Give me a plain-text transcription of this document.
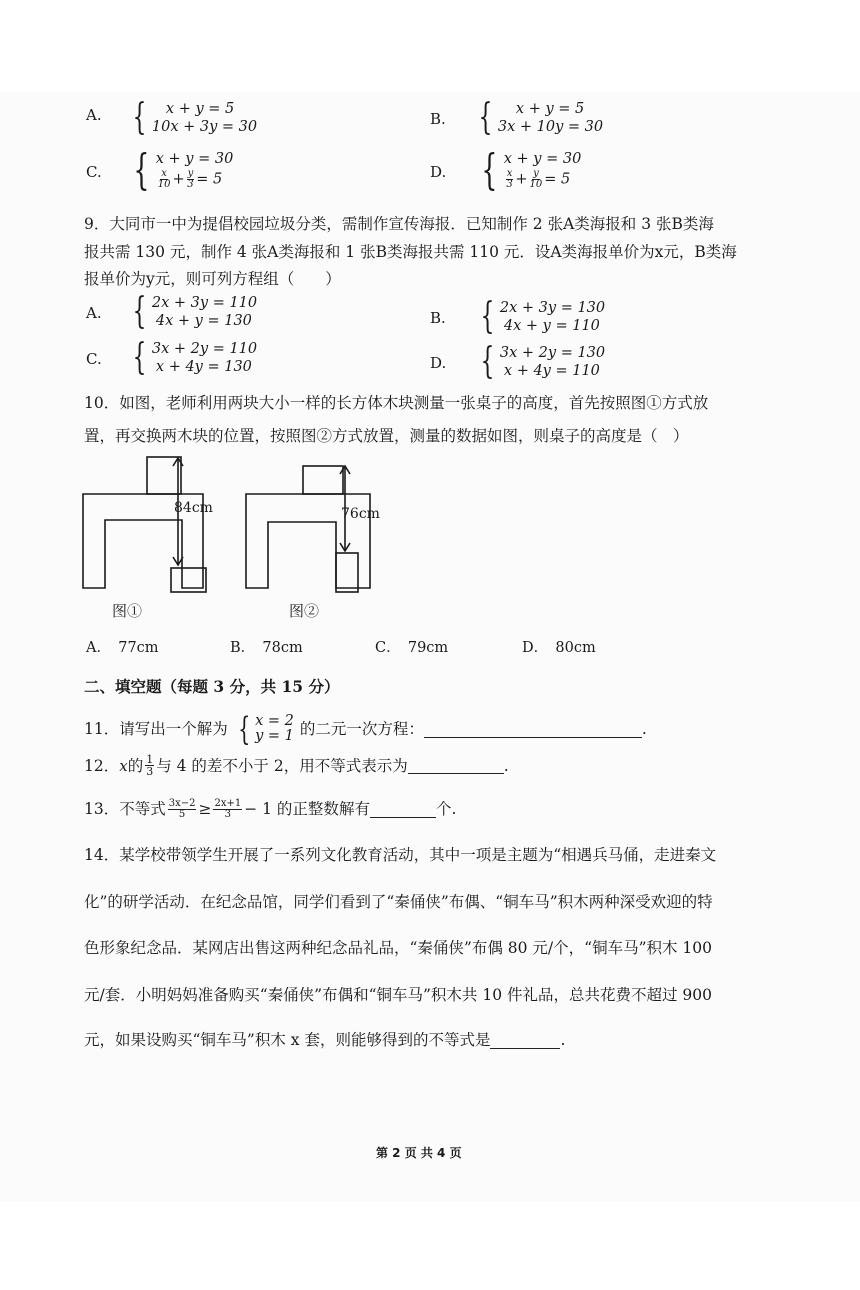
A. {	x + y = 5
10x + 3y = 30	B. {	x + y = 5
3x + 10y = 30
C. { x + y = 30
$\frac{x}{10} + \frac{y}{3} = 5$	D. { x + y = 30
$\frac{x}{3} + \frac{y}{10} = 5$
9．大同市一中为提倡校园垃圾分类，需制作宣传海报．已知制作 2 张A类海报和 3 张B类海
报共需 130 元，制作 4 张A类海报和 1 张B类海报共需 110 元．设A类海报单价为x元，B类海
报单价为y元，则可列方程组（　　）
A. { 2x + 3y = 110
4x + y = 130	B. { 2x + 3y = 130
4x + y = 110
C. { 3x + 2y = 110
x + 4y = 130	D. { 3x + 2y = 130
x + 4y = 110
10．如图，老师利用两块大小一样的长方体木块测量一张桌子的高度，首先按照图①方式放
置，再交换两木块的位置，按照图②方式放置，测量的数据如图，则桌子的高度是（　）
84cm	76cm
图①	图②
A．　77cm	B．　78cm	C．　79cm	D．　80cm
二、填空题（每题 3 分，共 15 分）
11．请写出一个解为 { x = 2
y = 1 的二元一次方程：	.
12． x 的 $\frac{1}{3}$ 与 4 的差不小于 2，用不等式表示为	.
13．不等式 $\frac{3x-2}{5} \ge \frac{2x+1}{3} - 1$ 的正整数解有	个.
14．某学校带领学生开展了一系列文化教育活动，其中一项是主题为“相遇兵马俑，走进秦文
化”的研学活动．在纪念品馆，同学们看到了“秦俑侠”布偶、“铜车马”积木两种深受欢迎的特
色形象纪念品．某网店出售这两种纪念品礼品，“秦俑侠”布偶 80 元/个，“铜车马”积木 100
元/套．小明妈妈准备购买“秦俑侠”布偶和“铜车马”积木共 10 件礼品，总共花费不超过 900
元，如果设购买“铜车马”积木 x 套，则能够得到的不等式是	.
第 2 页 共 4 页
